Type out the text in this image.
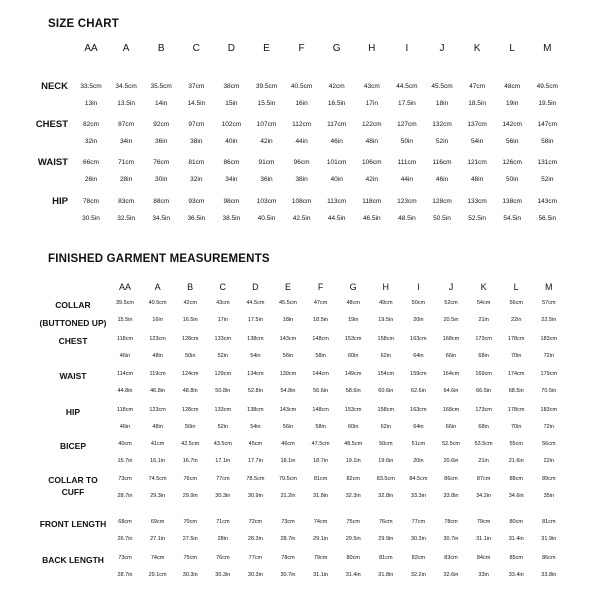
SIZE CHART
AA	A	B	C	D	E	F	G	H	I	J	K	L	M
NECK 33.5cm 34.5cm 35.5cm	37cm	38cm	39.5cm 40.5cm	42cm	43cm	44.5cm 45.5cm	47cm	48cm	49.5cm
13in	13.5in	14in	14.5in	15in	15.5in	16in	16.5in	17in	17.5in	18in	18.5in	19in	19.5in
CHEST 82cm	87cm	92cm	97cm	102cm 107cm 112cm 117cm 122cm 127cm 132cm 137cm 142cm 147cm
32in	34in	36in	38in	40in	42in	44in	46in	48in	50in	52in	54in	56in	58in
WAIST 66cm	71cm	76cm	81cm	86cm	91cm	96cm	101cm 106cm 111cm	116cm 121cm 126cm 131cm
26in	28in	30in	32in	34in	36in	38in	40in	42in	44in	46in	48in	50in	52in
HIP 78cm	83cm	88cm	93cm	98cm	103cm 108cm 113cm 118cm 123cm 128cm 133cm 138cm 143cm
30.5in	32.5in	34.5in	36.5in	38.5in	40.5in	42.5in	44.5in	46.5in	48.5in	50.5in	52.5in	54.5in	56.5in
FINISHED GARMENT MEASUREMENTS
AA	A	B	C	D	E	F	G	H	I	J	K	L	M
COLLAR
(BUTTONED UP)
39.5cm	40.5cm	42cm	43cm	44.5cm	45.5cm	47cm	48cm	49cm	50cm	52cm	54cm	56cm	57cm
15.5in	16in	16.5in	17in	17.5in	18in	18.5in	19in	19.5in	20in	20.5in	21in	22in	22.5in
CHEST	118cm	123cm	128cm	133cm	138cm	143cm	148cm	153cm	158cm	163cm	168cm	173cm	178cm	183cm
46in	48in	50in	52in	54in	56in	58in	60in	62in	64in	66in	68in	70in	72in
WAIST	114cm	119cm	124cm	129cm	134cm	139cm	144cm	149cm	154cm	159cm	164cm	169cm	174cm	179cm
44.8in	46.8in	48.8in	50.8in	52.8in	54.8in	56.6in	58.6in	60.6in	62.6in	64.6in	66.5in	68.5in	70.5in
HIP	118cm	123cm	128cm	133cm	138cm	143cm	148cm	153cm	158cm	163cm	168cm	173cm	178cm	183cm
46in	48in	50in	52in	54in	56in	58in	60in	62in	64in	66in	68in	70in	72in
BICEP	40cm	41cm	42.5cm	43.5cm	45cm	46cm	47.5cm	48.5cm	50cm	51cm	52.5cm	53.5cm	55cm	56cm
15.7in	16.1in	16.7in	17.1in	17.7in	18.1in	18.7in	19.1in	19.6in	20in	20.6in	21in	21.6in	22in
COLLAR TO CUFF
73cm	74.5cm	76cm	77cm	78.5cm	79.5cm	81cm	82cm	83.5cm	84.5cm	86cm	87cm	88cm	89cm
28.7in	29.3in	29.9in	30.3in	30.9in	31.2in	31.8in	32.3in	32.8in	33.3in	33.8in	34.2in	34.6in	35in
FRONT LENGTH 68cm	69cm	70cm	71cm	72cm	73cm	74cm	75cm	76cm	77cm	78cm	79cm	80cm	81cm
26.7in	27.1in	27.5in	28in	28.3in	28.7in	29.1in	29.5in	29.9in	30.3in	30.7in	31.1in	31.4in	31.9in
BACK LENGTH	73cm	74cm	75cm	76cm	77cm	78cm	79cm	80cm	81cm	82cm	83cm	84cm	85cm	86cm
28.7in	29.1cm	30.3in	30.3in	30.3in	30.7in	31.1in	31.4in	31.8in	32.2in	32.6in	33in	33.4in	33.8in
